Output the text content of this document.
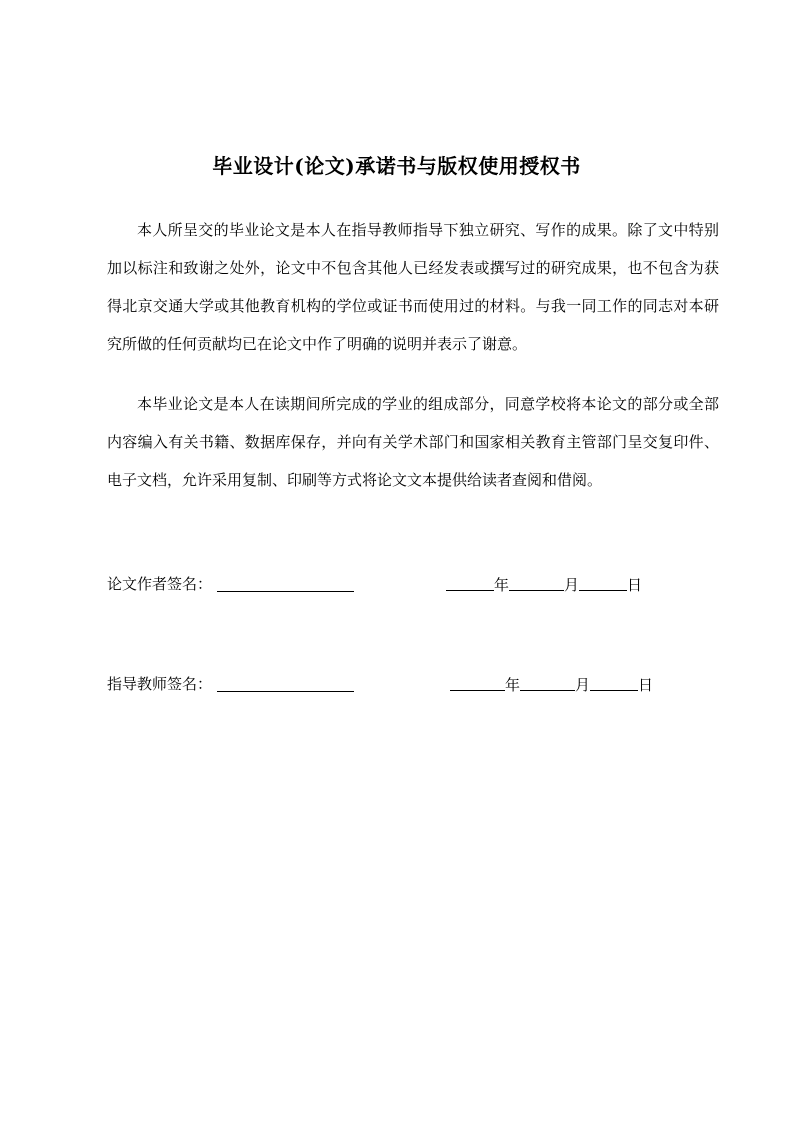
毕业设计(论文)承诺书与版权使用授权书

本人所呈交的毕业论文是本人在指导教师指导下独立研究、写作的成果。除了文中特别加以标注和致谢之处外，论文中不包含其他人已经发表或撰写过的研究成果，也不包含为获得北京交通大学或其他教育机构的学位或证书而使用过的材料。与我一同工作的同志对本研究所做的任何贡献均已在论文中作了明确的说明并表示了谢意。

本毕业论文是本人在读期间所完成的学业的组成部分，同意学校将本论文的部分或全部内容编入有关书籍、数据库保存，并向有关学术部门和国家相关教育主管部门呈交复印件、电子文档，允许采用复制、印刷等方式将论文文本提供给读者查阅和借阅。

论文作者签名：	年	月	日
指导教师签名：	年	月	日
